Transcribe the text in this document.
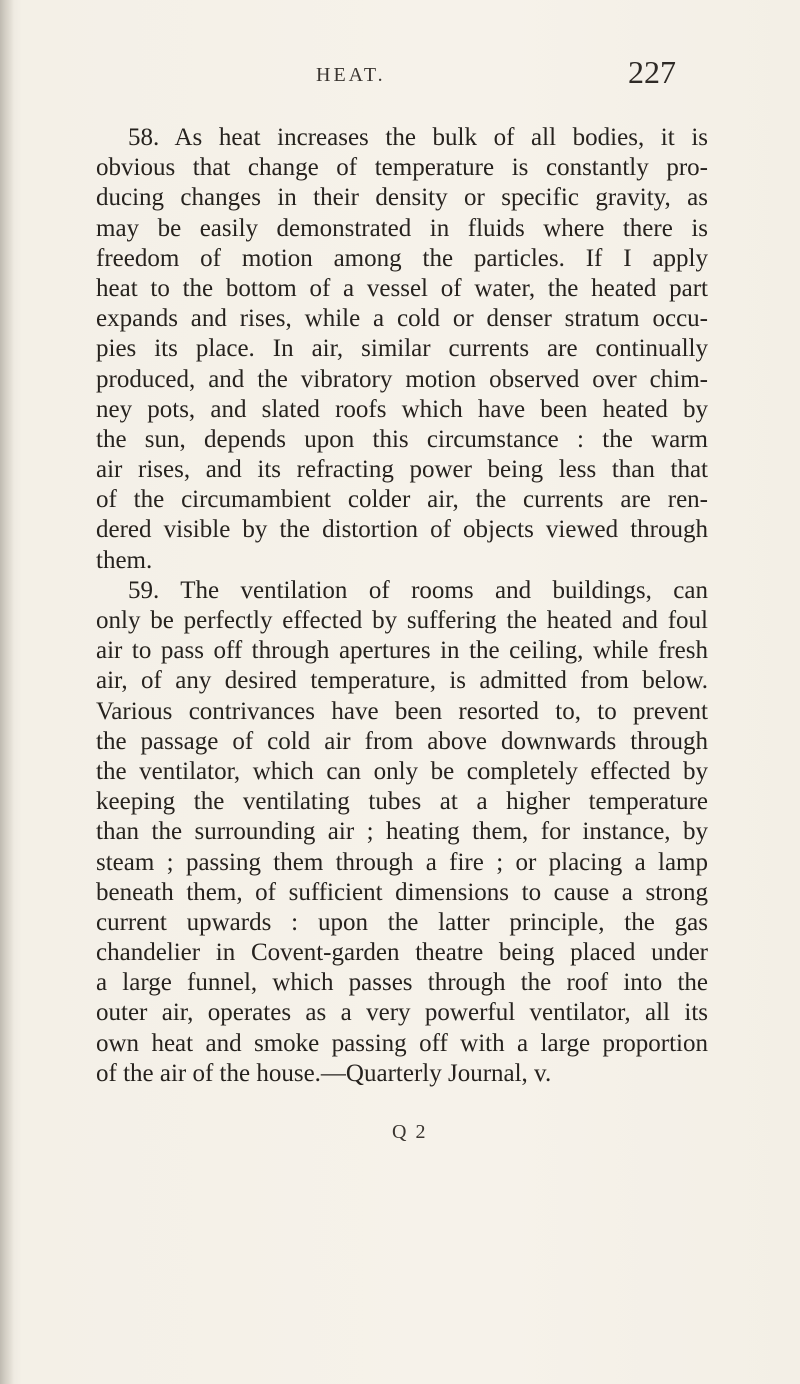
HEAT.	227
58. As heat increases the bulk of all bodies, it is
obvious that change of temperature is constantly pro-
ducing changes in their density or specific gravity, as
may be easily demonstrated in fluids where there is
freedom of motion among the particles. If I apply
heat to the bottom of a vessel of water, the heated part
expands and rises, while a cold or denser stratum occu-
pies its place. In air, similar currents are continually
produced, and the vibratory motion observed over chim-
ney pots, and slated roofs which have been heated by
the sun, depends upon this circumstance : the warm
air rises, and its refracting power being less than that
of the circumambient colder air, the currents are ren-
dered visible by the distortion of objects viewed through
them.
59. The ventilation of rooms and buildings, can
only be perfectly effected by suffering the heated and foul
air to pass off through apertures in the ceiling, while fresh
air, of any desired temperature, is admitted from below.
Various contrivances have been resorted to, to prevent
the passage of cold air from above downwards through
the ventilator, which can only be completely effected by
keeping the ventilating tubes at a higher temperature
than the surrounding air ; heating them, for instance, by
steam ; passing them through a fire ; or placing a lamp
beneath them, of sufficient dimensions to cause a strong
current upwards : upon the latter principle, the gas
chandelier in Covent-garden theatre being placed under
a large funnel, which passes through the roof into the
outer air, operates as a very powerful ventilator, all its
own heat and smoke passing off with a large proportion
of the air of the house.—Quarterly Journal, v.
Q 2
